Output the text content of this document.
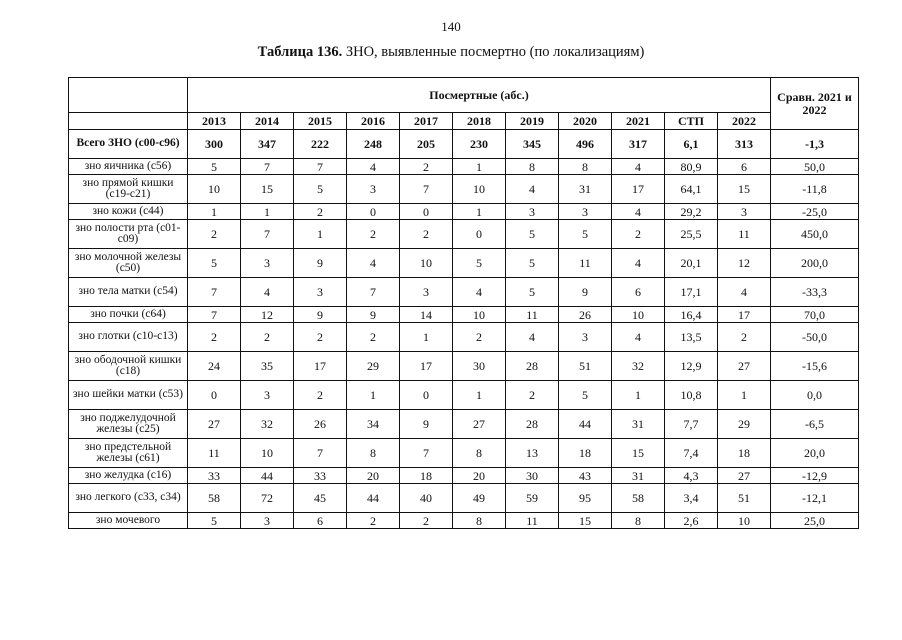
140
Таблица 136. ЗНО, выявленные посмертно (по локализациям)
	Посмертные (абс.)											Сравн. 2021 и 2022
	2013	2014	2015	2016	2017	2018	2019	2020	2021	СТП	2022	
Всего ЗНО (с00-с96)	300	347	222	248	205	230	345	496	317	6,1	313	-1,3
зно яичника (с56)	5	7	7	4	2	1	8	8	4	80,9	6	50,0
зно прямой кишки (с19-с21)	10	15	5	3	7	10	4	31	17	64,1	15	-11,8
зно кожи (с44)	1	1	2	0	0	1	3	3	4	29,2	3	-25,0
зно полости рта (с01-с09)	2	7	1	2	2	0	5	5	2	25,5	11	450,0
зно молочной железы (с50)	5	3	9	4	10	5	5	11	4	20,1	12	200,0
зно тела матки (с54)	7	4	3	7	3	4	5	9	6	17,1	4	-33,3
зно почки (с64)	7	12	9	9	14	10	11	26	10	16,4	17	70,0
зно глотки (с10-с13)	2	2	2	2	1	2	4	3	4	13,5	2	-50,0
зно ободочной кишки (с18)	24	35	17	29	17	30	28	51	32	12,9	27	-15,6
зно шейки матки (с53)	0	3	2	1	0	1	2	5	1	10,8	1	0,0
зно поджелудочной железы (с25)	27	32	26	34	9	27	28	44	31	7,7	29	-6,5
зно предстельной железы (с61)	11	10	7	8	7	8	13	18	15	7,4	18	20,0
зно желудка (с16)	33	44	33	20	18	20	30	43	31	4,3	27	-12,9
зно легкого (с33, с34)	58	72	45	44	40	49	59	95	58	3,4	51	-12,1
зно мочевого	5	3	6	2	2	8	11	15	8	2,6	10	25,0
